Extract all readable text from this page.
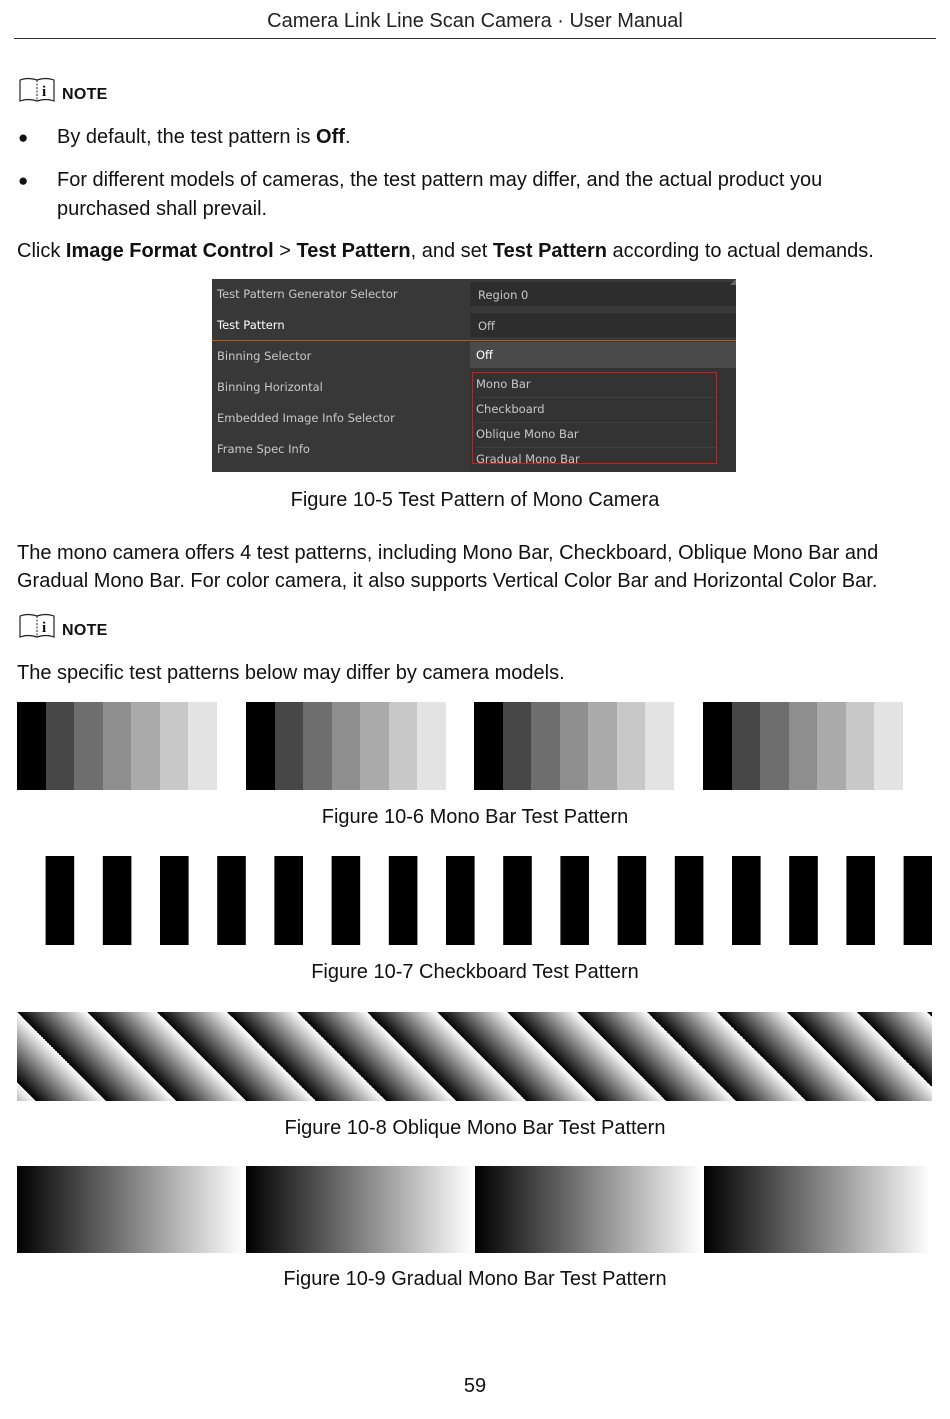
Camera Link Line Scan Camera · User Manual
i NOTE
●	By default, the test pattern is Off.
●	For different models of cameras, the test pattern may differ, and the actual product you
purchased shall prevail.
Click Image Format Control > Test Pattern, and set Test Pattern according to actual demands.
Test Pattern Generator Selector	Region 0
Test Pattern	Off
Binning Selector
Binning Horizontal
Embedded Image Info Selector
Frame Spec Info
Off
Mono Bar
Checkboard
Oblique Mono Bar
Gradual Mono Bar
Figure 10-5 Test Pattern of Mono Camera
The mono camera offers 4 test patterns, including Mono Bar, Checkboard, Oblique Mono Bar and
Gradual Mono Bar. For color camera, it also supports Vertical Color Bar and Horizontal Color Bar.
i NOTE
The specific test patterns below may differ by camera models.
Figure 10-6 Mono Bar Test Pattern
Figure 10-7 Checkboard Test Pattern
Figure 10-8 Oblique Mono Bar Test Pattern
Figure 10-9 Gradual Mono Bar Test Pattern
59
